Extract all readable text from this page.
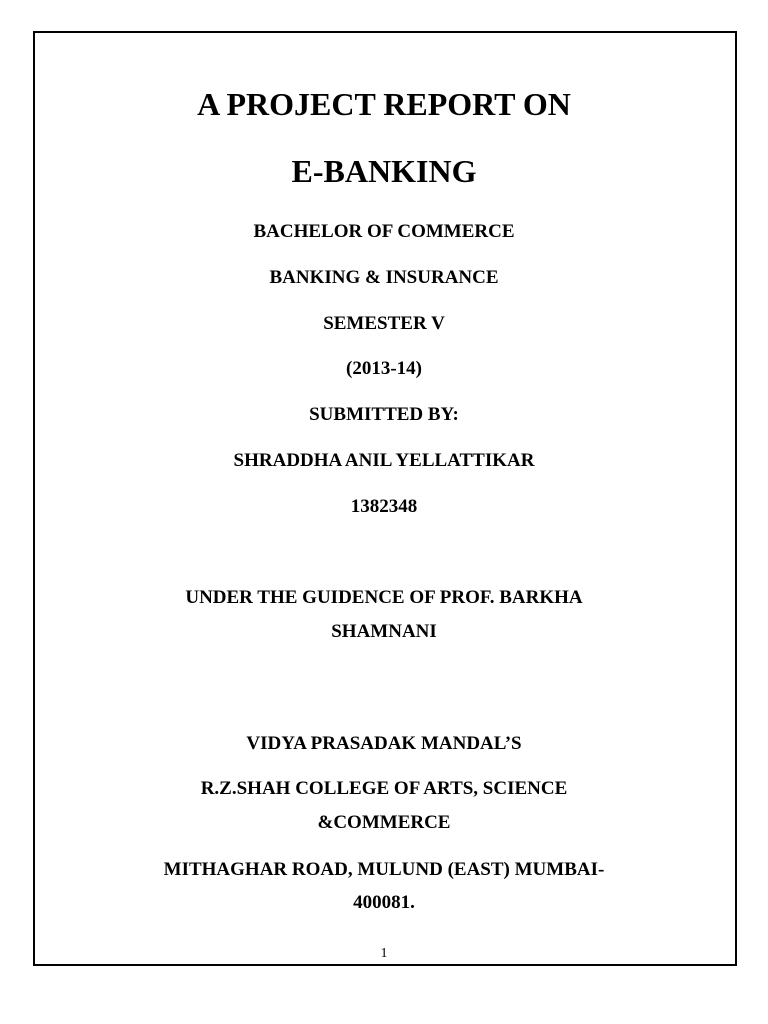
A PROJECT REPORT ON
E-BANKING
BACHELOR OF COMMERCE
BANKING & INSURANCE
SEMESTER V
(2013-14)
SUBMITTED BY:
SHRADDHA ANIL YELLATTIKAR
1382348
UNDER THE GUIDENCE OF PROF. BARKHA
SHAMNANI
VIDYA PRASADAK MANDAL’S
R.Z.SHAH COLLEGE OF ARTS, SCIENCE
&COMMERCE
MITHAGHAR ROAD, MULUND (EAST) MUMBAI-
400081.
1
